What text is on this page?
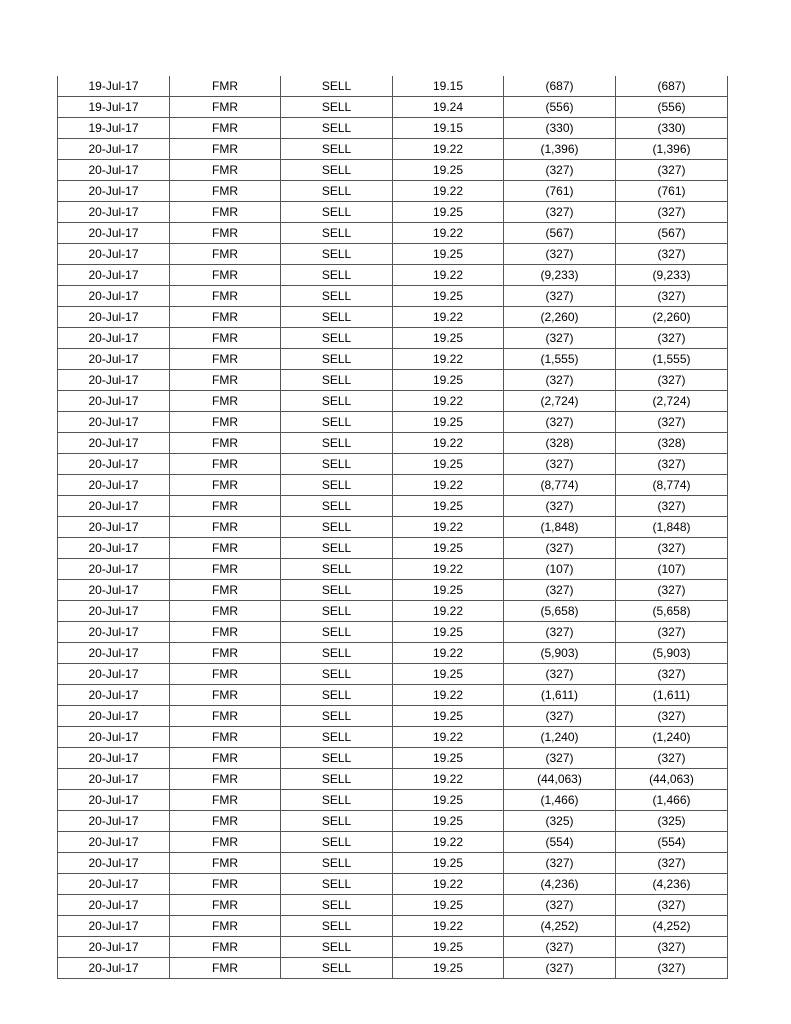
19-Jul-17	FMR	SELL	19.15	(687)	(687)
19-Jul-17	FMR	SELL	19.24	(556)	(556)
19-Jul-17	FMR	SELL	19.15	(330)	(330)
20-Jul-17	FMR	SELL	19.22	(1,396)	(1,396)
20-Jul-17	FMR	SELL	19.25	(327)	(327)
20-Jul-17	FMR	SELL	19.22	(761)	(761)
20-Jul-17	FMR	SELL	19.25	(327)	(327)
20-Jul-17	FMR	SELL	19.22	(567)	(567)
20-Jul-17	FMR	SELL	19.25	(327)	(327)
20-Jul-17	FMR	SELL	19.22	(9,233)	(9,233)
20-Jul-17	FMR	SELL	19.25	(327)	(327)
20-Jul-17	FMR	SELL	19.22	(2,260)	(2,260)
20-Jul-17	FMR	SELL	19.25	(327)	(327)
20-Jul-17	FMR	SELL	19.22	(1,555)	(1,555)
20-Jul-17	FMR	SELL	19.25	(327)	(327)
20-Jul-17	FMR	SELL	19.22	(2,724)	(2,724)
20-Jul-17	FMR	SELL	19.25	(327)	(327)
20-Jul-17	FMR	SELL	19.22	(328)	(328)
20-Jul-17	FMR	SELL	19.25	(327)	(327)
20-Jul-17	FMR	SELL	19.22	(8,774)	(8,774)
20-Jul-17	FMR	SELL	19.25	(327)	(327)
20-Jul-17	FMR	SELL	19.22	(1,848)	(1,848)
20-Jul-17	FMR	SELL	19.25	(327)	(327)
20-Jul-17	FMR	SELL	19.22	(107)	(107)
20-Jul-17	FMR	SELL	19.25	(327)	(327)
20-Jul-17	FMR	SELL	19.22	(5,658)	(5,658)
20-Jul-17	FMR	SELL	19.25	(327)	(327)
20-Jul-17	FMR	SELL	19.22	(5,903)	(5,903)
20-Jul-17	FMR	SELL	19.25	(327)	(327)
20-Jul-17	FMR	SELL	19.22	(1,611)	(1,611)
20-Jul-17	FMR	SELL	19.25	(327)	(327)
20-Jul-17	FMR	SELL	19.22	(1,240)	(1,240)
20-Jul-17	FMR	SELL	19.25	(327)	(327)
20-Jul-17	FMR	SELL	19.22	(44,063)	(44,063)
20-Jul-17	FMR	SELL	19.25	(1,466)	(1,466)
20-Jul-17	FMR	SELL	19.25	(325)	(325)
20-Jul-17	FMR	SELL	19.22	(554)	(554)
20-Jul-17	FMR	SELL	19.25	(327)	(327)
20-Jul-17	FMR	SELL	19.22	(4,236)	(4,236)
20-Jul-17	FMR	SELL	19.25	(327)	(327)
20-Jul-17	FMR	SELL	19.22	(4,252)	(4,252)
20-Jul-17	FMR	SELL	19.25	(327)	(327)
20-Jul-17	FMR	SELL	19.25	(327)	(327)
